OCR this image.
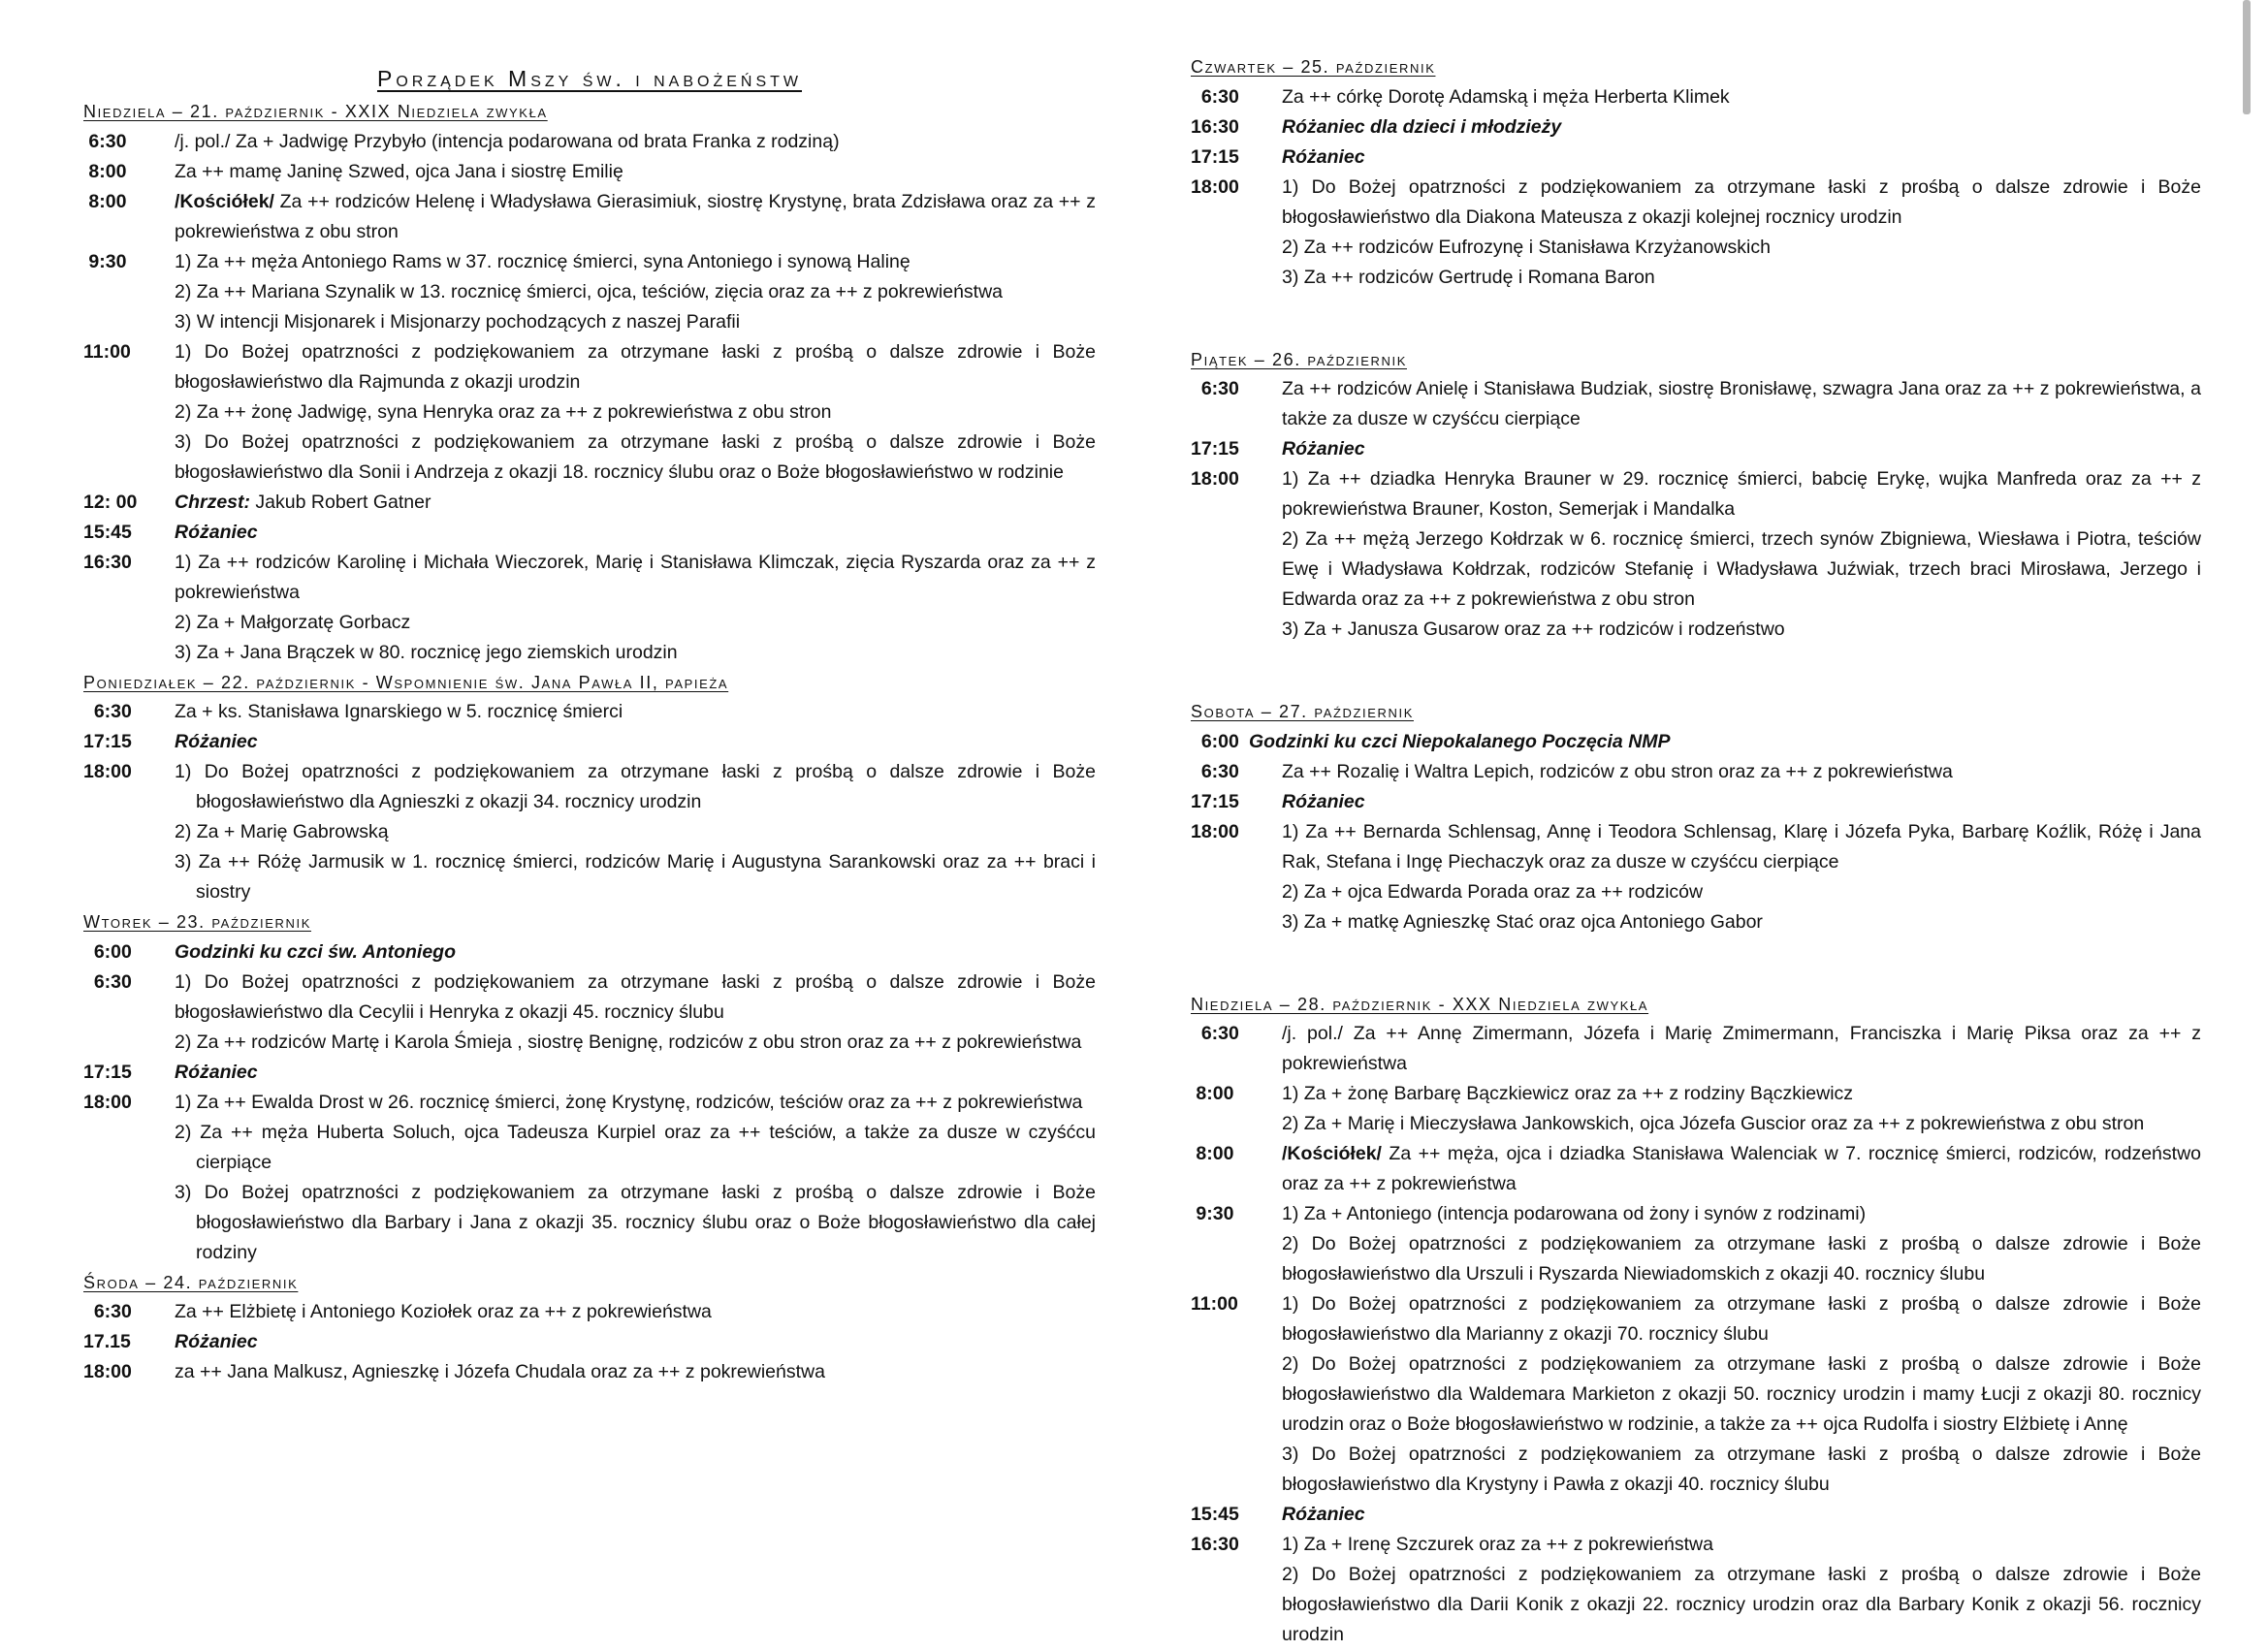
Porządek Mszy św. i nabożeństw
Niedziela – 21. październik - XXIX Niedziela zwykła
6:30	/j. pol./ Za + Jadwigę Przybyło (intencja podarowana od brata Franka z rodziną)
8:00	Za ++ mamę Janinę Szwed, ojca Jana i siostrę Emilię
8:00	/Kościółek/ Za ++ rodziców Helenę i Władysława Gierasimiuk, siostrę Krystynę, brata Zdzisława oraz za ++ z pokrewieństwa z obu stron
9:30	1) Za ++ męża Antoniego Rams w 37. rocznicę śmierci, syna Antoniego i synową Halinę
2) Za ++ Mariana Szynalik w 13. rocznicę śmierci, ojca, teściów, zięcia oraz za ++ z pokrewieństwa
3) W intencji Misjonarek i Misjonarzy pochodzących z naszej Parafii
11:00	1) Do Bożej opatrzności z podziękowaniem za otrzymane łaski z prośbą o dalsze zdrowie i Boże błogosławieństwo dla Rajmunda z okazji urodzin
2) Za ++ żonę Jadwigę, syna Henryka oraz za ++ z pokrewieństwa z obu stron
3) Do Bożej opatrzności z podziękowaniem za otrzymane łaski z prośbą o dalsze zdrowie i Boże błogosławieństwo dla Sonii i Andrzeja z okazji 18. rocznicy ślubu oraz o Boże błogosławieństwo w rodzinie
12: 00	Chrzest: Jakub Robert Gatner
15:45	Różaniec
16:30	1) Za ++ rodziców Karolinę i Michała Wieczorek, Marię i Stanisława Klimczak, zięcia Ryszarda oraz za ++ z pokrewieństwa
2) Za + Małgorzatę Gorbacz
3) Za + Jana Brączek w 80. rocznicę jego ziemskich urodzin
Poniedziałek – 22. październik - Wspomnienie św. Jana Pawła II, papieża
6:30	Za + ks. Stanisława Ignarskiego w 5. rocznicę śmierci
17:15	Różaniec
18:00	1) Do Bożej opatrzności z podziękowaniem za otrzymane łaski z prośbą o dalsze zdrowie i Boże błogosławieństwo dla Agnieszki z okazji 34. rocznicy urodzin
2) Za + Marię Gabrowską
3) Za ++ Różę Jarmusik w 1. rocznicę śmierci, rodziców Marię i Augustyna Sarankowski oraz za ++ braci i siostry
Wtorek – 23. październik
6:00	Godzinki ku czci św. Antoniego
6:30	1) Do Bożej opatrzności z podziękowaniem za otrzymane łaski z prośbą o dalsze zdrowie i Boże błogosławieństwo dla Cecylii i Henryka z okazji 45. rocznicy ślubu
2) Za ++ rodziców Martę i Karola Śmieja , siostrę Benignę, rodziców z obu stron oraz za ++ z pokrewieństwa
17:15	Różaniec
18:00	1) Za ++ Ewalda Drost w 26. rocznicę śmierci, żonę Krystynę, rodziców, teściów oraz za ++ z pokrewieństwa
2) Za ++ męża Huberta Soluch, ojca Tadeusza Kurpiel oraz za ++ teściów, a także za dusze w czyśćcu cierpiące
3) Do Bożej opatrzności z podziękowaniem za otrzymane łaski z prośbą o dalsze zdrowie i Boże błogosławieństwo dla Barbary i Jana z okazji 35. rocznicy ślubu oraz o Boże błogosławieństwo dla całej rodziny
Środa – 24. październik
6:30	Za ++ Elżbietę i Antoniego Koziołek oraz za ++ z pokrewieństwa
17.15	Różaniec
18:00	za ++ Jana Malkusz, Agnieszkę i Józefa Chudala oraz za ++ z pokrewieństwa
Czwartek – 25. październik
6:30	Za ++ córkę Dorotę Adamską i męża Herberta Klimek
16:30	Różaniec dla dzieci i młodzieży
17:15	Różaniec
18:00	1) Do Bożej opatrzności z podziękowaniem za otrzymane łaski z prośbą o dalsze zdrowie i Boże błogosławieństwo dla Diakona Mateusza z okazji kolejnej rocznicy urodzin
2) Za ++ rodziców Eufrozynę i Stanisława Krzyżanowskich
3) Za ++ rodziców Gertrudę i Romana Baron
Piątek – 26. październik
6:30	Za ++ rodziców Anielę i Stanisława Budziak, siostrę Bronisławę, szwagra Jana oraz za ++ z pokrewieństwa, a także za dusze w czyśćcu cierpiące
17:15	Różaniec
18:00	1) Za ++ dziadka Henryka Brauner w 29. rocznicę śmierci, babcię Erykę, wujka Manfreda oraz za ++ z pokrewieństwa Brauner, Koston, Semerjak i Mandalka
2) Za ++ mężą Jerzego Kołdrzak w 6. rocznicę śmierci, trzech synów Zbigniewa, Wiesława i Piotra, teściów Ewę i Władysława Kołdrzak, rodziców Stefanię i Władysława Juźwiak, trzech braci Mirosława, Jerzego i Edwarda oraz za ++ z pokrewieństwa z obu stron
3) Za + Janusza Gusarow oraz za ++ rodziców i rodzeństwo
Sobota – 27. październik
6:00 Godzinki ku czci Niepokalanego Poczęcia NMP
6:30	Za ++ Rozalię i Waltra Lepich, rodziców z obu stron oraz za ++ z pokrewieństwa
17:15	Różaniec
18:00	1) Za ++ Bernarda Schlensag, Annę i Teodora Schlensag, Klarę i Józefa Pyka, Barbarę Koźlik, Różę i Jana Rak, Stefana i Ingę Piechaczyk oraz za dusze w czyśćcu cierpiące
2) Za + ojca Edwarda Porada oraz za ++ rodziców
3) Za + matkę Agnieszkę Stać oraz ojca Antoniego Gabor
Niedziela – 28. październik - XXX Niedziela zwykła
6:30	/j. pol./ Za ++ Annę Zimermann, Józefa i Marię Zmimermann, Franciszka i Marię Piksa oraz za ++ z pokrewieństwa
8:00	1) Za + żonę Barbarę Bączkiewicz oraz za ++ z rodziny Bączkiewicz
2) Za + Marię i Mieczysława Jankowskich, ojca Józefa Guscior oraz za ++ z pokrewieństwa z obu stron
8:00	/Kościółek/ Za ++ męża, ojca i dziadka Stanisława Walenciak w 7. rocznicę śmierci, rodziców, rodzeństwo oraz za ++ z pokrewieństwa
9:30	1) Za + Antoniego (intencja podarowana od żony i synów z rodzinami)
2) Do Bożej opatrzności z podziękowaniem za otrzymane łaski z prośbą o dalsze zdrowie i Boże błogosławieństwo dla Urszuli i Ryszarda Niewiadomskich z okazji 40. rocznicy ślubu
11:00	1) Do Bożej opatrzności z podziękowaniem za otrzymane łaski z prośbą o dalsze zdrowie i Boże błogosławieństwo dla Marianny z okazji 70. rocznicy ślubu
2) Do Bożej opatrzności z podziękowaniem za otrzymane łaski z prośbą o dalsze zdrowie i Boże błogosławieństwo dla Waldemara Markieton z okazji 50. rocznicy urodzin i mamy Łucji z okazji 80. rocznicy urodzin oraz o Boże błogosławieństwo w rodzinie, a także za ++ ojca Rudolfa i siostry Elżbietę i Annę
3) Do Bożej opatrzności z podziękowaniem za otrzymane łaski z prośbą o dalsze zdrowie i Boże błogosławieństwo dla Krystyny i Pawła z okazji 40. rocznicy ślubu
15:45	Różaniec
16:30	1) Za + Irenę Szczurek oraz za ++ z pokrewieństwa
2) Do Bożej opatrzności z podziękowaniem za otrzymane łaski z prośbą o dalsze zdrowie i Boże błogosławieństwo dla Darii Konik z okazji 22. rocznicy urodzin oraz dla Barbary Konik z okazji 56. rocznicy urodzin
